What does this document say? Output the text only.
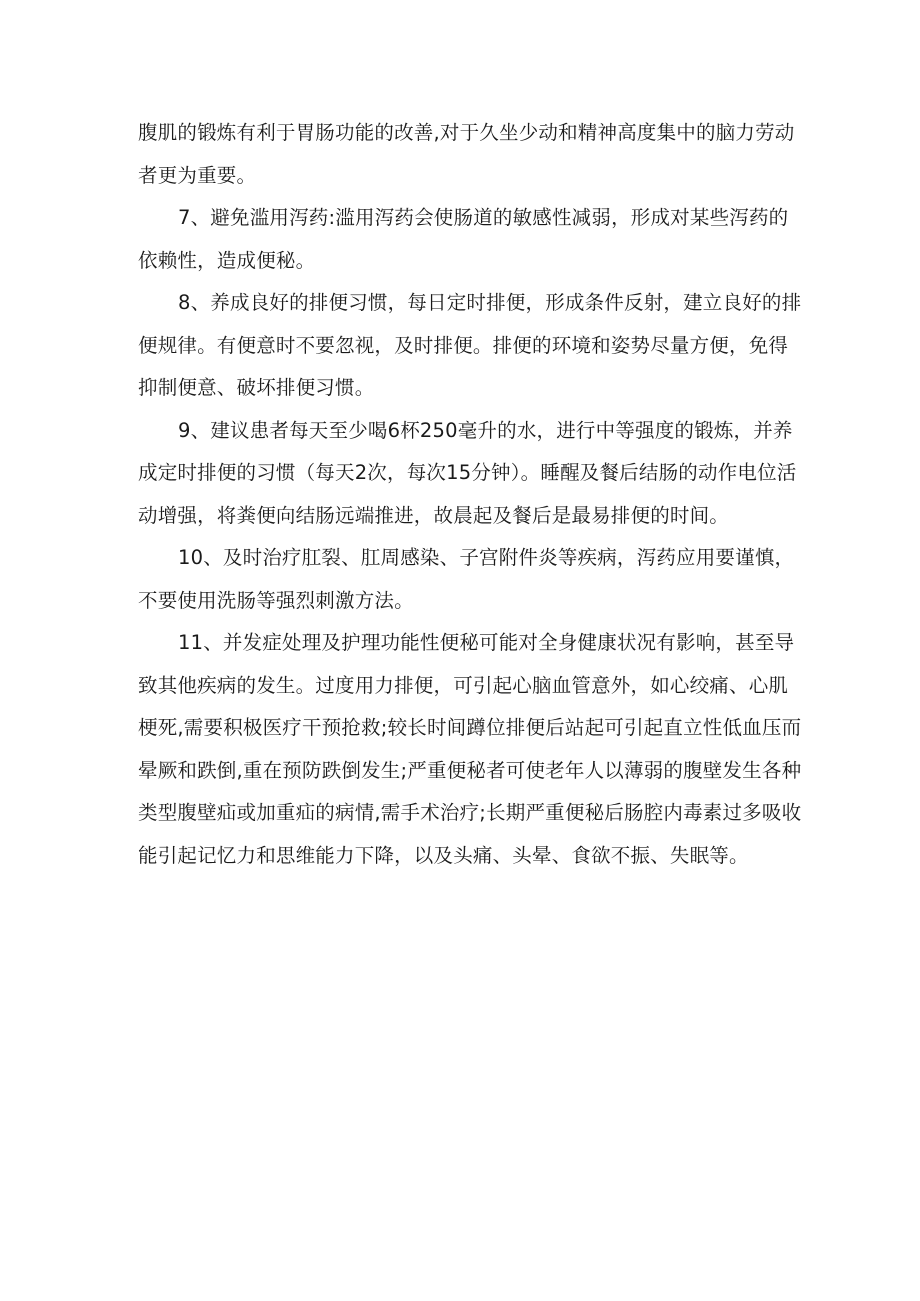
腹肌的锻炼有利于胃肠功能的改善,对于久坐少动和精神高度集中的脑力劳动者更为重要。

7、避免滥用泻药:滥用泻药会使肠道的敏感性减弱，形成对某些泻药的依赖性，造成便秘。

8、养成良好的排便习惯，每日定时排便，形成条件反射，建立良好的排便规律。有便意时不要忽视，及时排便。排便的环境和姿势尽量方便，免得抑制便意、破坏排便习惯。

9、建议患者每天至少喝6杯250毫升的水，进行中等强度的锻炼，并养成定时排便的习惯（每天2次，每次15分钟）。睡醒及餐后结肠的动作电位活动增强，将粪便向结肠远端推进，故晨起及餐后是最易排便的时间。

10、及时治疗肛裂、肛周感染、子宫附件炎等疾病，泻药应用要谨慎，不要使用洗肠等强烈刺激方法。

11、并发症处理及护理功能性便秘可能对全身健康状况有影响，甚至导致其他疾病的发生。过度用力排便，可引起心脑血管意外，如心绞痛、心肌梗死,需要积极医疗干预抢救;较长时间蹲位排便后站起可引起直立性低血压而晕厥和跌倒,重在预防跌倒发生;严重便秘者可使老年人以薄弱的腹壁发生各种类型腹壁疝或加重疝的病情,需手术治疗;长期严重便秘后肠腔内毒素过多吸收能引起记忆力和思维能力下降，以及头痛、头晕、食欲不振、失眠等。
